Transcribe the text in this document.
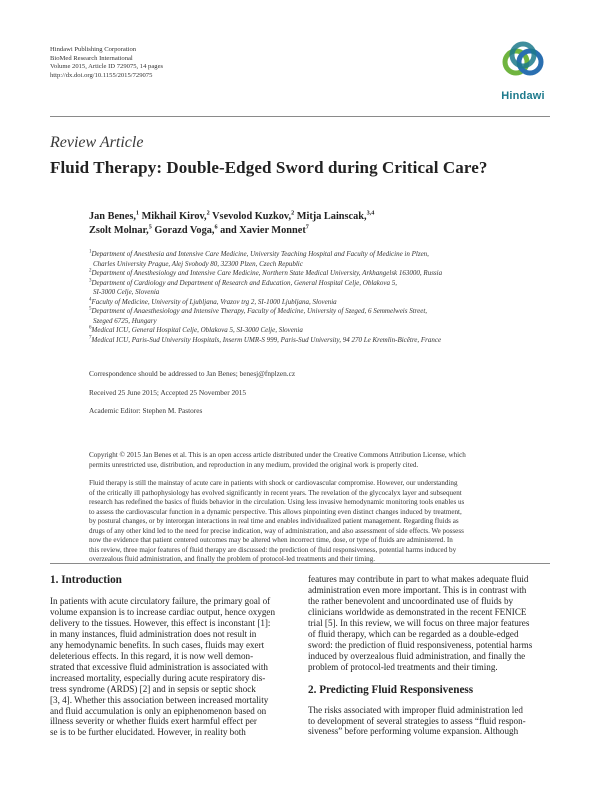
Hindawi Publishing Corporation
BioMed Research International
Volume 2015, Article ID 729075, 14 pages
http://dx.doi.org/10.1155/2015/729075
Hindawi
Review Article
Fluid Therapy: Double-Edged Sword during Critical Care?
Jan Benes,$^1$ Mikhail Kirov,$^2$ Vsevolod Kuzkov,$^2$ Mitja Lainscak,$^{3,4}$
Zsolt Molnar,$^5$ Gorazd Voga,$^6$ and Xavier Monnet$^7$
$^1$Department of Anesthesia and Intensive Care Medicine, University Teaching Hospital and Faculty of Medicine in Plzen,
Charles University Prague, Alej Svobody 80, 32300 Plzen, Czech Republic
$^2$Department of Anesthesiology and Intensive Care Medicine, Northern State Medical University, Arkhangelsk 163000, Russia
$^3$Department of Cardiology and Department of Research and Education, General Hospital Celje, Oblakova 5,
SI-3000 Celje, Slovenia
$^4$Faculty of Medicine, University of Ljubljana, Vrazov trg 2, SI-1000 Ljubljana, Slovenia
$^5$Department of Anaesthesiology and Intensive Therapy, Faculty of Medicine, University of Szeged, 6 Semmelweis Street,
Szeged 6725, Hungary
$^6$Medical ICU, General Hospital Celje, Oblakova 5, SI-3000 Celje, Slovenia
$^7$Medical ICU, Paris-Sud University Hospitals, Inserm UMR-S 999, Paris-Sud University, 94 270 Le Kremlin-Bicêtre, France
Correspondence should be addressed to Jan Benes; benesj@fnplzen.cz
Received 25 June 2015; Accepted 25 November 2015
Academic Editor: Stephen M. Pastores
Copyright © 2015 Jan Benes et al. This is an open access article distributed under the Creative Commons Attribution License, which
permits unrestricted use, distribution, and reproduction in any medium, provided the original work is properly cited.
Fluid therapy is still the mainstay of acute care in patients with shock or cardiovascular compromise. However, our understanding
of the critically ill pathophysiology has evolved significantly in recent years. The revelation of the glycocalyx layer and subsequent
research has redefined the basics of fluids behavior in the circulation. Using less invasive hemodynamic monitoring tools enables us
to assess the cardiovascular function in a dynamic perspective. This allows pinpointing even distinct changes induced by treatment,
by postural changes, or by interorgan interactions in real time and enables individualized patient management. Regarding fluids as
drugs of any other kind led to the need for precise indication, way of administration, and also assessment of side effects. We possess
now the evidence that patient centered outcomes may be altered when incorrect time, dose, or type of fluids are administered. In
this review, three major features of fluid therapy are discussed: the prediction of fluid responsiveness, potential harms induced by
overzealous fluid administration, and finally the problem of protocol-led treatments and their timing.
1. Introduction
In patients with acute circulatory failure, the primary goal of
volume expansion is to increase cardiac output, hence oxygen
delivery to the tissues. However, this effect is inconstant [1]:
in many instances, fluid administration does not result in
any hemodynamic benefits. In such cases, fluids may exert
deleterious effects. In this regard, it is now well demon-
strated that excessive fluid administration is associated with
increased mortality, especially during acute respiratory dis-
tress syndrome (ARDS) [2] and in sepsis or septic shock
[3, 4]. Whether this association between increased mortality
and fluid accumulation is only an epiphenomenon based on
illness severity or whether fluids exert harmful effect per
se is to be further elucidated. However, in reality both
features may contribute in part to what makes adequate fluid
administration even more important. This is in contrast with
the rather benevolent and uncoordinated use of fluids by
clinicians worldwide as demonstrated in the recent FENICE
trial [5]. In this review, we will focus on three major features
of fluid therapy, which can be regarded as a double-edged
sword: the prediction of fluid responsiveness, potential harms
induced by overzealous fluid administration, and finally the
problem of protocol-led treatments and their timing.
2. Predicting Fluid Responsiveness
The risks associated with improper fluid administration led
to development of several strategies to assess “fluid respon-
siveness” before performing volume expansion. Although
